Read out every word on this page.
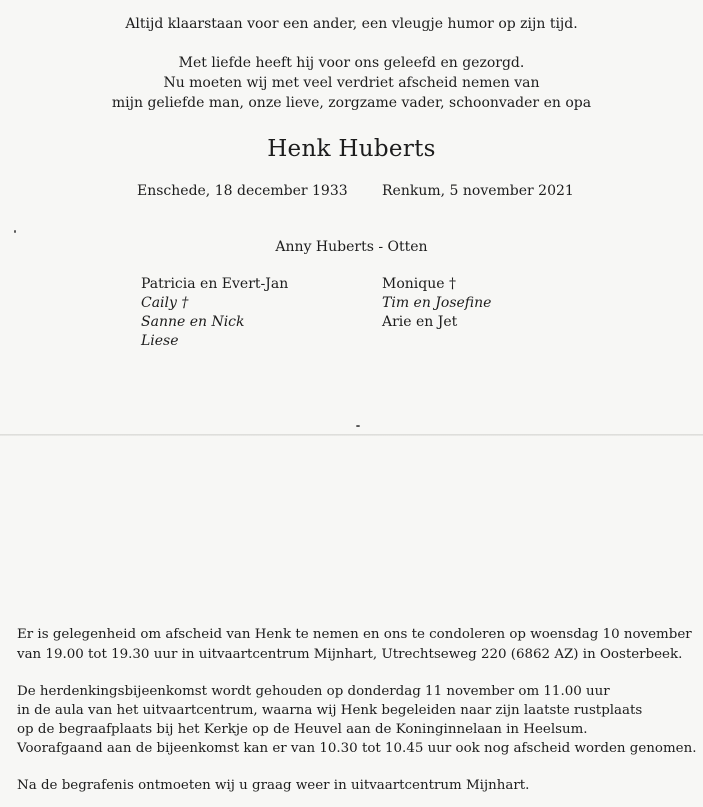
Altijd klaarstaan voor een ander, een vleugje humor op zijn tijd.
Met liefde heeft hij voor ons geleefd en gezorgd.
Nu moeten wij met veel verdriet afscheid nemen van
mijn geliefde man, onze lieve, zorgzame vader, schoonvader en opa
Henk Huberts
Enschede, 18 december 1933 Renkum, 5 november 2021
Anny Huberts - Otten
Patricia en Evert-Jan
Caily †
Sanne en Nick
Liese
Monique †
Tim en Josefine
Arie en Jet
Er is gelegenheid om afscheid van Henk te nemen en ons te condoleren op woensdag 10 november
van 19.00 tot 19.30 uur in uitvaartcentrum Mijnhart, Utrechtseweg 220 (6862 AZ) in Oosterbeek.
De herdenkingsbijeenkomst wordt gehouden op donderdag 11 november om 11.00 uur
in de aula van het uitvaartcentrum, waarna wij Henk begeleiden naar zijn laatste rustplaats
op de begraafplaats bij het Kerkje op de Heuvel aan de Koninginnelaan in Heelsum.
Voorafgaand aan de bijeenkomst kan er van 10.30 tot 10.45 uur ook nog afscheid worden genomen.
Na de begrafenis ontmoeten wij u graag weer in uitvaartcentrum Mijnhart.
